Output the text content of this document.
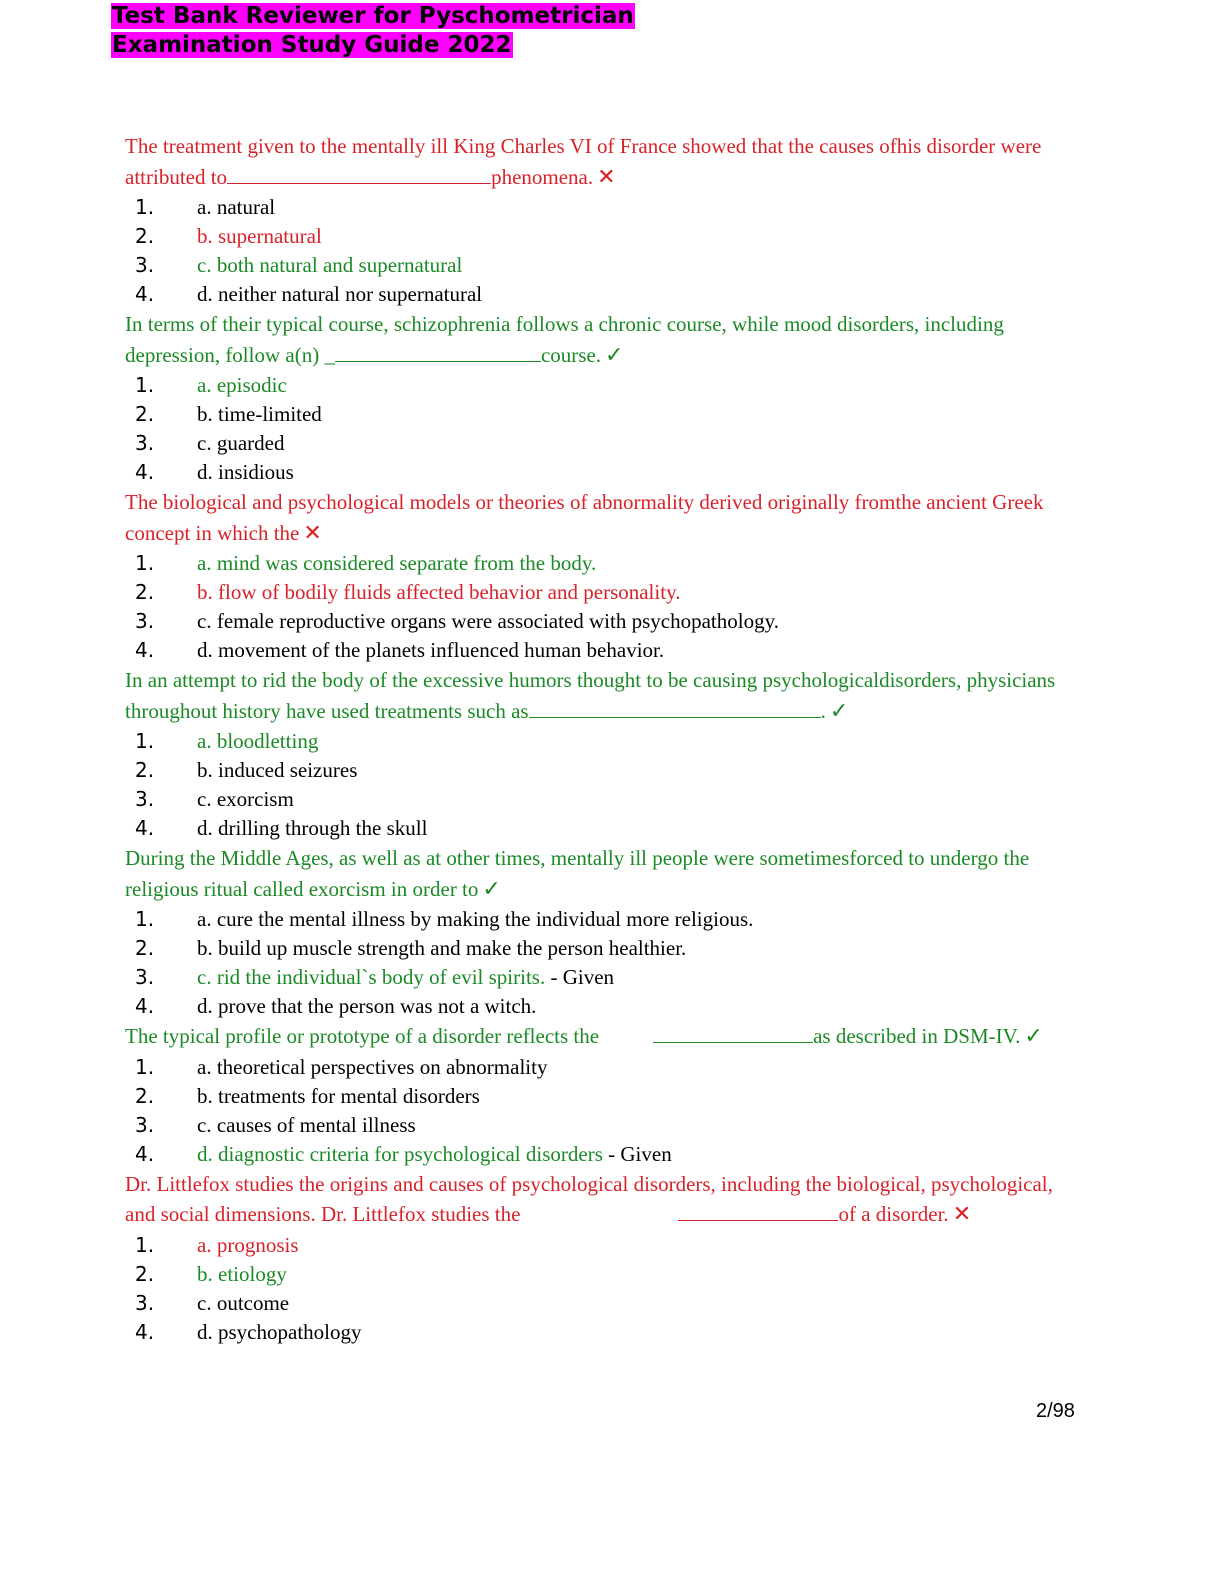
Test Bank Reviewer for Pyschometrician
Examination Study Guide 2022
The treatment given to the mentally ill King Charles VI of France showed that the causes ofhis disorder were attributed to	phenomena. ✕
1. a. natural
2. b. supernatural
3. c. both natural and supernatural
4. d. neither natural nor supernatural
In terms of their typical course, schizophrenia follows a chronic course, while mood disorders, including depression, follow a(n) _	course. ✓
1. a. episodic
2. b. time-limited
3. c. guarded
4. d. insidious
The biological and psychological models or theories of abnormality derived originally fromthe ancient Greek concept in which the ✕
1. a. mind was considered separate from the body.
2. b. flow of bodily fluids affected behavior and personality.
3. c. female reproductive organs were associated with psychopathology.
4. d. movement of the planets influenced human behavior.
In an attempt to rid the body of the excessive humors thought to be causing psychologicaldisorders, physicians throughout history have used treatments such as	. ✓
1. a. bloodletting
2. b. induced seizures
3. c. exorcism
4. d. drilling through the skull
During the Middle Ages, as well as at other times, mentally ill people were sometimesforced to undergo the religious ritual called exorcism in order to ✓
1. a. cure the mental illness by making the individual more religious.
2. b. build up muscle strength and make the person healthier.
3. c. rid the individual`s body of evil spirits. - Given
4. d. prove that the person was not a witch.
The typical profile or prototype of a disorder reflects the	as described in DSM-IV. ✓
1. a. theoretical perspectives on abnormality
2. b. treatments for mental disorders
3. c. causes of mental illness
4. d. diagnostic criteria for psychological disorders - Given
Dr. Littlefox studies the origins and causes of psychological disorders, including the biological, psychological, and social dimensions. Dr. Littlefox studies the	of a disorder. ✕
1. a. prognosis
2. b. etiology
3. c. outcome
4. d. psychopathology
2/98
